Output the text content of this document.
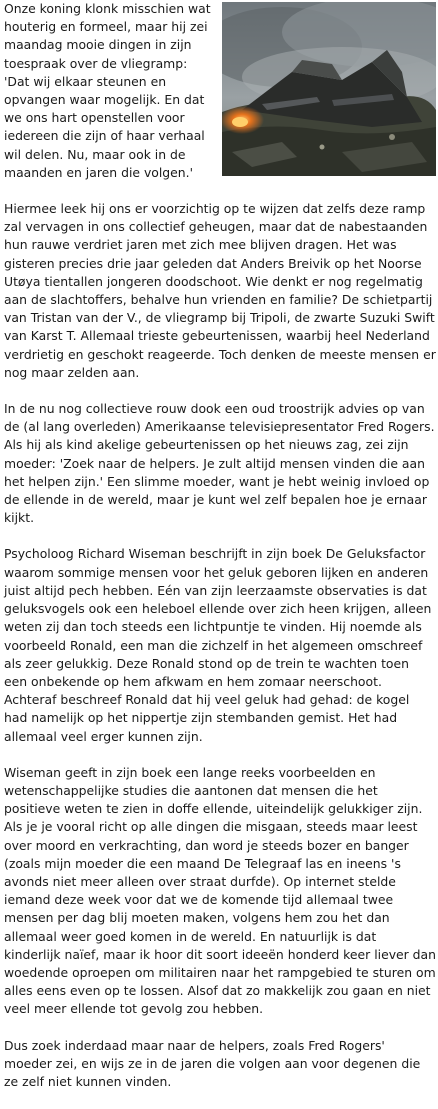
Onze koning klonk misschien wat houterig en formeel, maar hij zei maandag mooie dingen in zijn toespraak over de vliegramp: 'Dat wij elkaar steunen en opvangen waar mogelijk. En dat we ons hart openstellen voor iedereen die zijn of haar verhaal wil delen. Nu, maar ook in de maanden en jaren die volgen.'

Hiermee leek hij ons er voorzichtig op te wijzen dat zelfs deze ramp zal vervagen in ons collectief geheugen, maar dat de nabestaanden hun rauwe verdriet jaren met zich mee blijven dragen. Het was gisteren precies drie jaar geleden dat Anders Breivik op het Noorse Utøya tientallen jongeren doodschoot. Wie denkt er nog regelmatig aan de slachtoffers, behalve hun vrienden en familie? De schietpartij van Tristan van der V., de vliegramp bij Tripoli, de zwarte Suzuki Swift van Karst T. Allemaal trieste gebeurtenissen, waarbij heel Nederland verdrietig en geschokt reageerde. Toch denken de meeste mensen er nog maar zelden aan.

In de nu nog collectieve rouw dook een oud troostrijk advies op van de (al lang overleden) Amerikaanse televisiepresentator Fred Rogers. Als hij als kind akelige gebeurtenissen op het nieuws zag, zei zijn moeder: 'Zoek naar de helpers. Je zult altijd mensen vinden die aan het helpen zijn.' Een slimme moeder, want je hebt weinig invloed op de ellende in de wereld, maar je kunt wel zelf bepalen hoe je ernaar kijkt.

Psycholoog Richard Wiseman beschrijft in zijn boek De Geluksfactor waarom sommige mensen voor het geluk geboren lijken en anderen juist altijd pech hebben. Eén van zijn leerzaamste observaties is dat geluksvogels ook een heleboel ellende over zich heen krijgen, alleen weten zij dan toch steeds een lichtpuntje te vinden. Hij noemde als voorbeeld Ronald, een man die zichzelf in het algemeen omschreef als zeer gelukkig. Deze Ronald stond op de trein te wachten toen een onbekende op hem afkwam en hem zomaar neerschoot. Achteraf beschreef Ronald dat hij veel geluk had gehad: de kogel had namelijk op het nippertje zijn stembanden gemist. Het had allemaal veel erger kunnen zijn.

Wiseman geeft in zijn boek een lange reeks voorbeelden en wetenschappelijke studies die aantonen dat mensen die het positieve weten te zien in doffe ellende, uiteindelijk gelukkiger zijn. Als je je vooral richt op alle dingen die misgaan, steeds maar leest over moord en verkrachting, dan word je steeds bozer en banger (zoals mijn moeder die een maand De Telegraaf las en ineens 's avonds niet meer alleen over straat durfde). Op internet stelde iemand deze week voor dat we de komende tijd allemaal twee mensen per dag blij moeten maken, volgens hem zou het dan allemaal weer goed komen in de wereld. En natuurlijk is dat kinderlijk naïef, maar ik hoor dit soort ideeën honderd keer liever dan woedende oproepen om militairen naar het rampgebied te sturen om alles eens even op te lossen. Alsof dat zo makkelijk zou gaan en niet veel meer ellende tot gevolg zou hebben.

Dus zoek inderdaad maar naar de helpers, zoals Fred Rogers' moeder zei, en wijs ze in de jaren die volgen aan voor degenen die ze zelf niet kunnen vinden.
